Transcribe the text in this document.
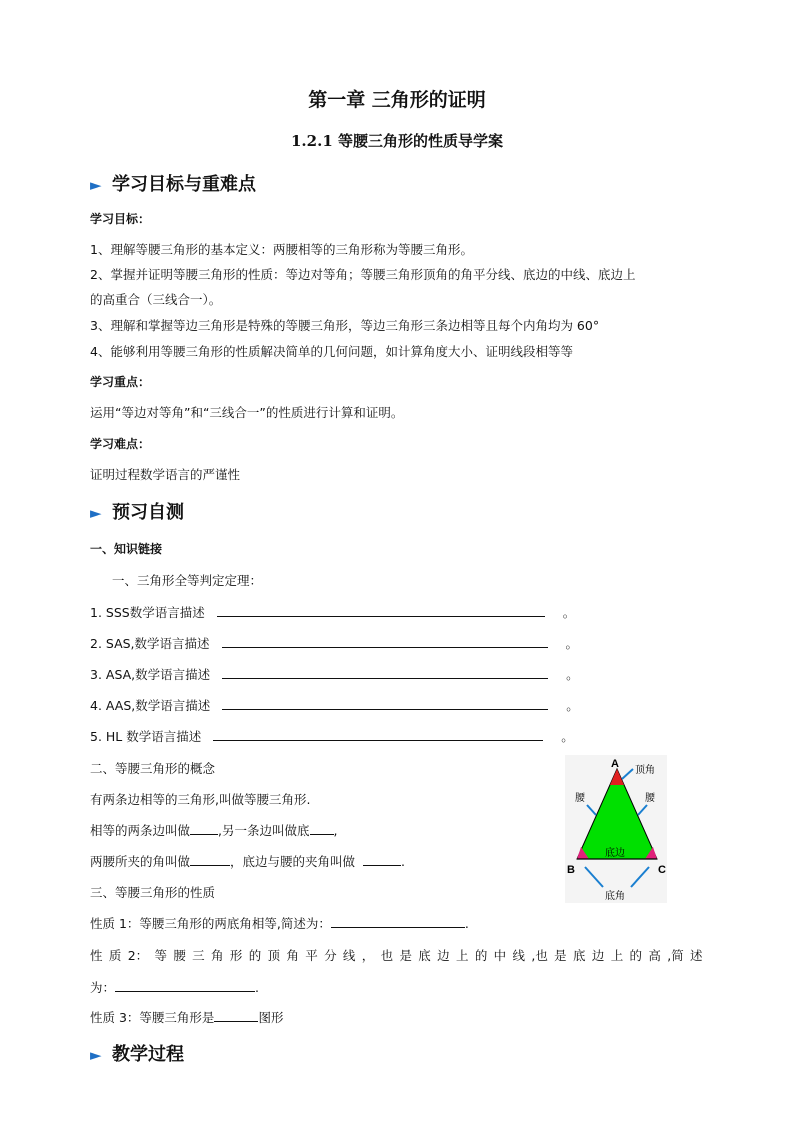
第一章 三角形的证明
1.2.1 等腰三角形的性质导学案
► 学习目标与重难点
学习目标：
1、理解等腰三角形的基本定义：两腰相等的三角形称为等腰三角形。
2、掌握并证明等腰三角形的性质：等边对等角；等腰三角形顶角的角平分线、底边的中线、底边上
的高重合（三线合一）。
3、理解和掌握等边三角形是特殊的等腰三角形，等边三角形三条边相等且每个内角均为 60°
4、能够利用等腰三角形的性质解决简单的几何问题，如计算角度大小、证明线段相等等
学习重点：
运用“等边对等角”和“三线合一”的性质进行计算和证明。
学习难点：
证明过程数学语言的严谨性
► 预习自测
一、知识链接
一、三角形全等判定定理：
1. SSS数学语言描述	。
2. SAS,数学语言描述	。
3. ASA,数学语言描述	。
4. AAS,数学语言描述	。
5. HL 数学语言描述	。
二、等腰三角形的概念
有两条边相等的三角形,叫做等腰三角形.
相等的两条边叫做 ,另一条边叫做底 ,
两腰所夹的角叫做	，底边与腰的夹角叫做	.
三、等腰三角形的性质
性质 1：等腰三角形的两底角相等,简述为：	.
性 质 2： 等 腰 三 角 形 的 顶 角 平 分 线 ， 也 是 底 边 上 的 中 线 ,也 是 底 边 上 的 高 ,简 述
为：	.
性质 3：等腰三角形是	图形
► 教学过程
A
B	C
顶角
腰	腰
底边
底角
